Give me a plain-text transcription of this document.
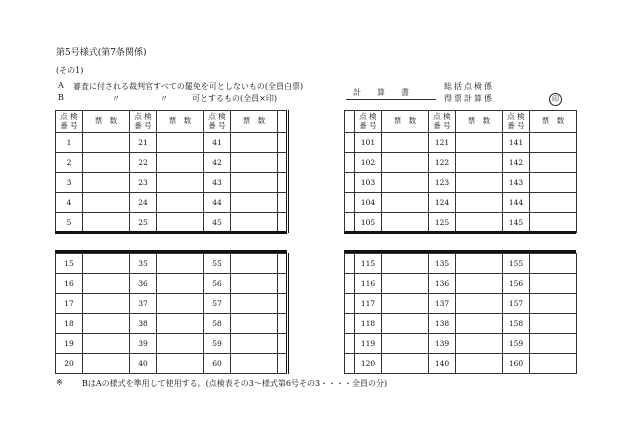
第5号様式(第7条関係)
(その1)
A 審査に付される裁判官すべての罷免を可としないもの(全員白票)
B	〃	〃	可とするもの(全員×印)
計　　算　　書
総括点検係
得票計算係	印
点 検
番 号	票　数	点 検
番 号	票　数	点 検
番 号	票　数	
1		21		41		
2		22		42		
3		23		43		
4		24		44		
5		25		45		
	点 検
番 号	票　数	点 検
番 号	票　数	点 検
番 号	票　数
	101		121		141	
	102		122		142	
	103		123		143	
	104		124		144	
	105		125		145	
15		35		55		
16		36		56		
17		37		57		
18		38		58		
19		39		59		
20		40		60		
	115		135		155	
	116		136		156	
	117		137		157	
	118		138		158	
	119		139		159	
	120		140		160	
※ BはAの様式を準用して使用する。(点検表その3～様式第6号その3・・・・全員の分)
